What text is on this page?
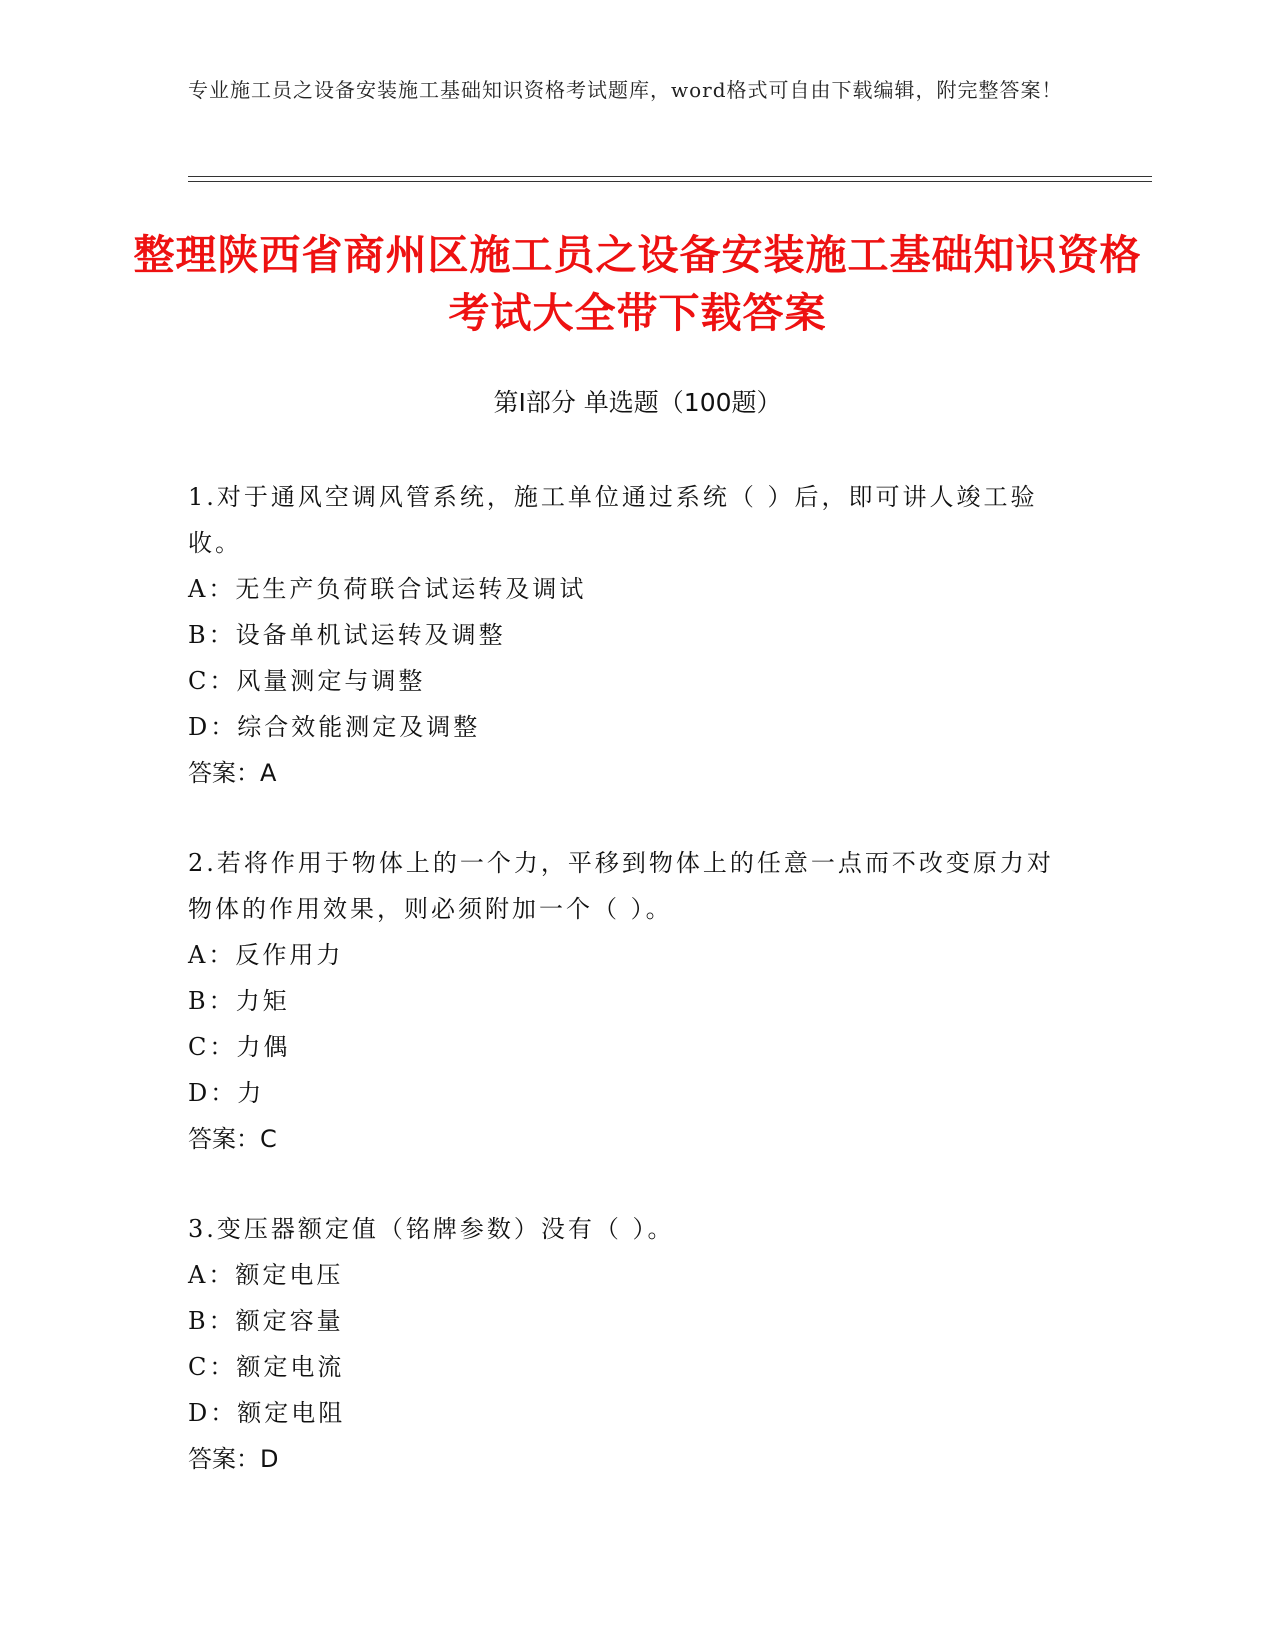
专业施工员之设备安装施工基础知识资格考试题库，word格式可自由下载编辑，附完整答案！
整理陕西省商州区施工员之设备安装施工基础知识资格考试大全带下载答案
第Ⅰ部分 单选题（100题）
1.对于通风空调风管系统，施工单位通过系统（ ）后，即可讲人竣工验收。
A：无生产负荷联合试运转及调试
B：设备单机试运转及调整
C：风量测定与调整
D：综合效能测定及调整
答案：A
2.若将作用于物体上的一个力，平移到物体上的任意一点而不改变原力对物体的作用效果，则必须附加一个（ ）。
A：反作用力
B：力矩
C：力偶
D：力
答案：C
3.变压器额定值（铭牌参数）没有（ ）。
A：额定电压
B：额定容量
C：额定电流
D：额定电阻
答案：D
